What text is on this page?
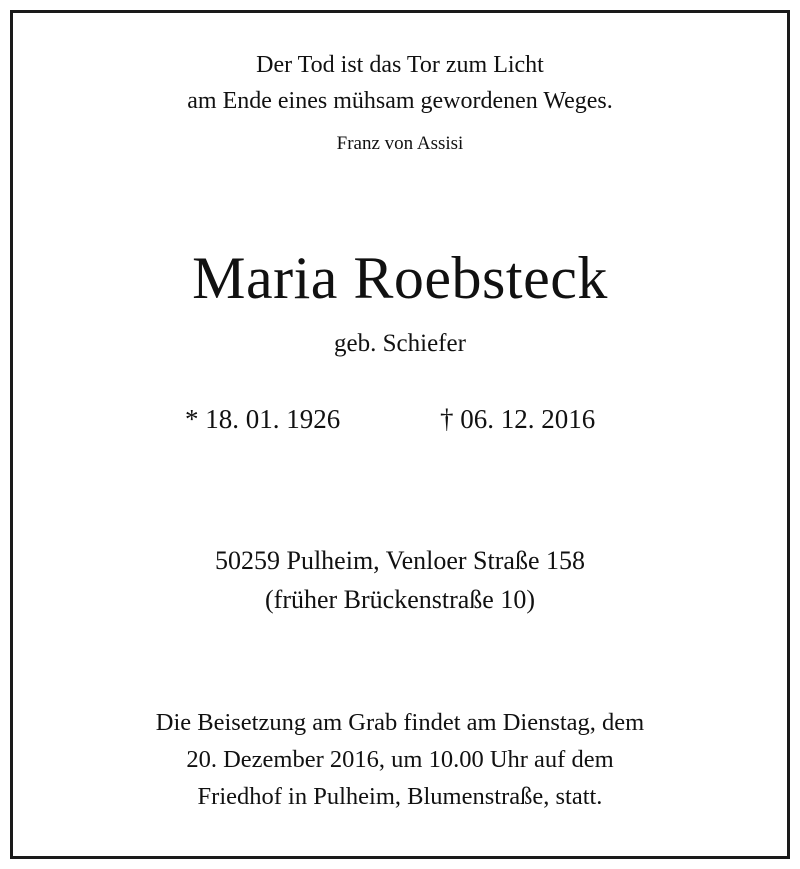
Der Tod ist das Tor zum Licht
am Ende eines mühsam gewordenen Weges.
Franz von Assisi
Maria Roebsteck
geb. Schiefer
* 18. 01. 1926	† 06. 12. 2016
50259 Pulheim, Venloer Straße 158
(früher Brückenstraße 10)
Die Beisetzung am Grab findet am Dienstag, dem
20. Dezember 2016, um 10.00 Uhr auf dem
Friedhof in Pulheim, Blumenstraße, statt.
